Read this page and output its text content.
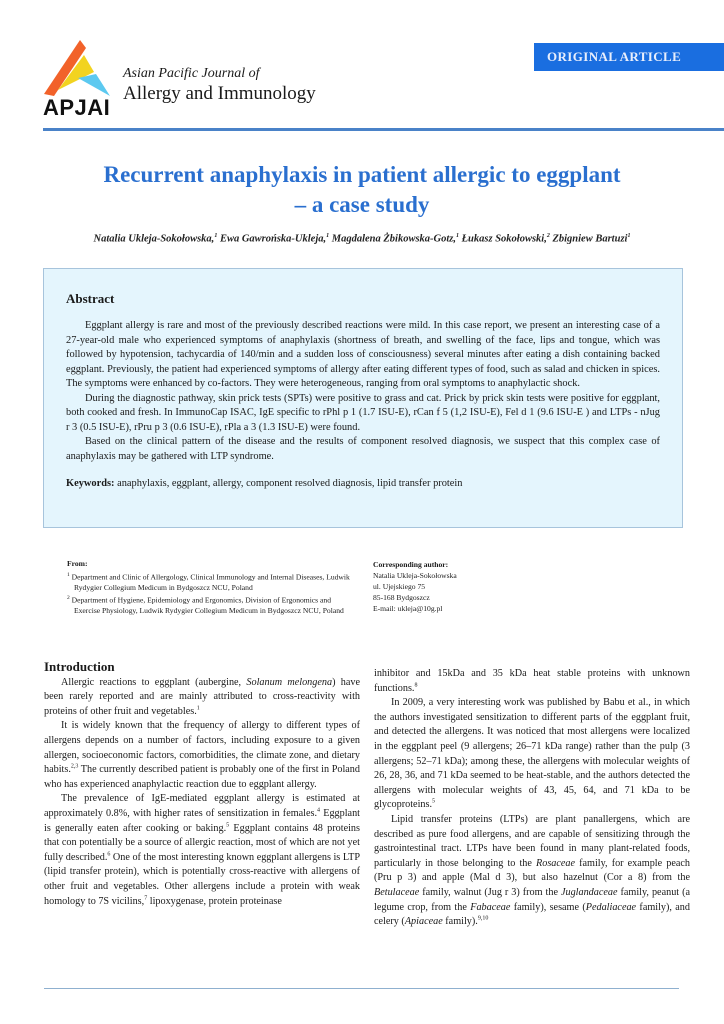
APJAI
Asian Pacific Journal of
Allergy and Immunology
ORIGINAL ARTICLE
Recurrent anaphylaxis in patient allergic to eggplant
– a case study
Natalia Ukleja-Sokołowska,$^1$ Ewa Gawrońska-Ukleja,$^1$ Magdalena Żbikowska-Gotz,$^1$ Łukasz Sokołowski,$^2$ Zbigniew Bartuzi$^1$
Abstract

Eggplant allergy is rare and most of the previously described reactions were mild. In this case report, we present an interesting case of a 27-year-old male who experienced symptoms of anaphylaxis (shortness of breath, and swelling of the face, lips and tongue, which was followed by hypotension, tachycardia of 140/min and a sudden loss of consciousness) several minutes after eating a dish containing backed eggplant. Previously, the patient had experienced symptoms of allergy after eating different types of food, such as salad and chicken in spices. The symptoms were enhanced by co-factors. They were heterogeneous, ranging from oral symptoms to anaphylactic shock.

During the diagnostic pathway, skin prick tests (SPTs) were positive to grass and cat. Prick by prick skin tests were positive for eggplant, both cooked and fresh. In ImmunoCap ISAC, IgE specific to rPhl p 1 (1.7 ISU-E), rCan f 5 (1,2 ISU-E), Fel d 1 (9.6 ISU-E ) and LTPs - nJug r 3 (0.5 ISU-E), rPru p 3 (0.6 ISU-E), rPla a 3 (1.3 ISU-E) were found.

Based on the clinical pattern of the disease and the results of component resolved diagnosis, we suspect that this complex case of anaphylaxis may be gathered with LTP syndrome.

Keywords: anaphylaxis, eggplant, allergy, component resolved diagnosis, lipid transfer protein
From:
$^1$ Department and Clinic of Allergology, Clinical Immunology and Internal Diseases, Ludwik Rydygier Collegium Medicum in Bydgoszcz NCU, Poland
$^2$ Department of Hygiene, Epidemiology and Ergonomics, Division of Ergonomics and Exercise Physiology, Ludwik Rydygier Collegium Medicum in Bydgoszcz NCU, Poland
Corresponding author:
Natalia Ukleja-Sokołowska
ul. Ujejskiego 75
85-168 Bydgoszcz
E-mail: ukleja@10g.pl
Introduction

Allergic reactions to eggplant (aubergine, Solanum melongena) have been rarely reported and are mainly attributed to cross-reactivity with proteins of other fruit and vegetables.$^1$

It is widely known that the frequency of allergy to different types of allergens depends on a number of factors, including exposure to a given allergen, socioeconomic factors, comorbidities, the climate zone, and dietary habits.$^{2,3}$ The currently described patient is probably one of the first in Poland who has experienced anaphylactic reaction due to eggplant allergy.

The prevalence of IgE-mediated eggplant allergy is estimated at approximately 0.8%, with higher rates of sensitization in females.$^4$ Eggplant is generally eaten after cooking or baking.$^5$ Eggplant contains 48 proteins that con potentially be a source of allergic reaction, most of which are not yet fully described.$^6$ One of the most interesting known eggplant allergens is LTP (lipid transfer protein), which is potentially cross-reactive with allergens of other fruit and vegetables. Other allergens include a protein with weak homology to 7S vicilins,$^7$ lipoxygenase, protein proteinase

inhibitor and 15kDa and 35 kDa heat stable proteins with unknown functions.$^8$

In 2009, a very interesting work was published by Babu et al., in which the authors investigated sensitization to different parts of the eggplant fruit, and detected the allergens. It was noticed that most allergens were localized in the eggplant peel (9 allergens; 26–71 kDa range) rather than the pulp (3 allergens; 52–71 kDa); among these, the allergens with molecular weights of 26, 28, 36, and 71 kDa seemed to be heat-stable, and the authors detected the allergens with molecular weights of 43, 45, 64, and 71 kDa to be glycoproteins.$^5$

Lipid transfer proteins (LTPs) are plant panallergens, which are described as pure food allergens, and are capable of sensitizing through the gastrointestinal tract. LTPs have been found in many plant-related foods, particularly in those belonging to the Rosaceae family, for example peach (Pru p 3) and apple (Mal d 3), but also hazelnut (Cor a 8) from the Betulaceae family, walnut (Jug r 3) from the Juglandaceae family, peanut (a legume crop, from the Fabaceae family), sesame (Pedaliaceae family), and celery (Apiaceae family).$^{9,10}$
